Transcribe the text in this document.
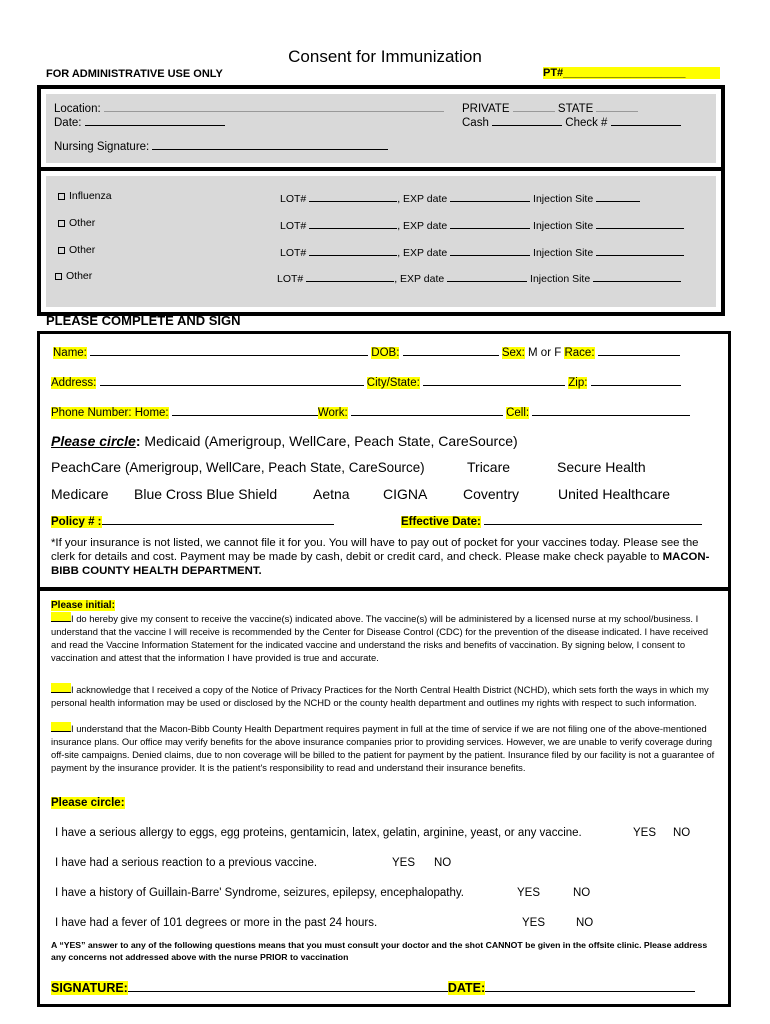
Consent for Immunization
FOR ADMINISTRATIVE USE ONLY	PT#____________________
Location:
Date:
PRIVATE	STATE
Cash	Check #
Nursing Signature:
Influenza	LOT#	, EXP date	Injection Site
Other	LOT#	, EXP date	Injection Site
Other	LOT#	, EXP date	Injection Site
Other	LOT#	, EXP date	Injection Site
PLEASE COMPLETE AND SIGN
Name:	DOB:	Sex: M or F Race:
Address:	City/State:	Zip:
Phone Number: Home:	Work:	Cell:
Please circle: Medicaid (Amerigroup, WellCare, Peach State, CareSource)
PeachCare (Amerigroup, WellCare, Peach State, CareSource)	Tricare	Secure Health
Medicare Blue Cross Blue Shield	Aetna CIGNA	Coventry	United Healthcare
Policy # :	Effective Date:
*If your insurance is not listed, we cannot file it for you. You will have to pay out of pocket for your vaccines today. Please see the clerk for details and cost. Payment may be made by cash, debit or credit card, and check. Please make check payable to MACON-BIBB COUNTY HEALTH DEPARTMENT.
Please initial:
I do hereby give my consent to receive the vaccine(s) indicated above. The vaccine(s) will be administered by a licensed nurse at my school/business. I understand that the vaccine I will receive is recommended by the Center for Disease Control (CDC) for the prevention of the disease indicated. I have received and read the Vaccine Information Statement for the indicated vaccine and understand the risks and benefits of vaccination. By signing below, I consent to vaccination and attest that the information I have provided is true and accurate.
I acknowledge that I received a copy of the Notice of Privacy Practices for the North Central Health District (NCHD), which sets forth the ways in which my personal health information may be used or disclosed by the NCHD or the county health department and outlines my rights with respect to such information.
I understand that the Macon-Bibb County Health Department requires payment in full at the time of service if we are not filing one of the above-mentioned insurance plans. Our office may verify benefits for the above insurance companies prior to providing services. However, we are unable to verify coverage during off-site campaigns. Denied claims, due to non coverage will be billed to the patient for payment by the patient. Insurance filed by our facility is not a guarantee of payment by the insurance provider. It is the patient's responsibility to read and understand their insurance benefits.
Please circle:
I have a serious allergy to eggs, egg proteins, gentamicin, latex, gelatin, arginine, yeast, or any vaccine.	YES NO
I have had a serious reaction to a previous vaccine.	YES NO
I have a history of Guillain-Barre' Syndrome, seizures, epilepsy, encephalopathy.	YES	NO
I have had a fever of 101 degrees or more in the past 24 hours.	YES	NO
A “YES” answer to any of the following questions means that you must consult your doctor and the shot CANNOT be given in the offsite clinic. Please address any concerns not addressed above with the nurse PRIOR to vaccination
SIGNATURE:	DATE:
